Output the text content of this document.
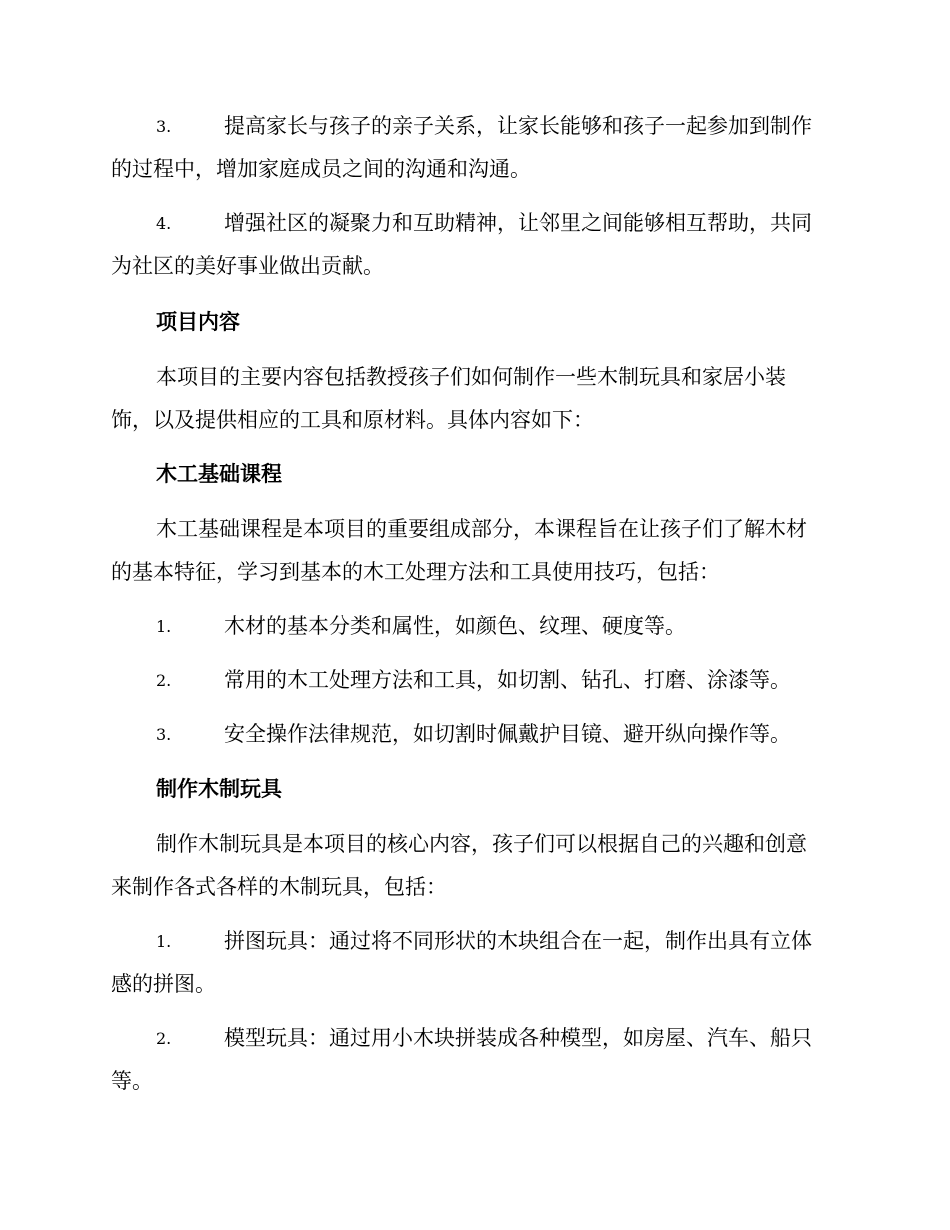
3.	提高家长与孩子的亲子关系，让家长能够和孩子一起参加到制作
的过程中，增加家庭成员之间的沟通和沟通。
4.	增强社区的凝聚力和互助精神，让邻里之间能够相互帮助，共同
为社区的美好事业做出贡献。
项目内容
本项目的主要内容包括教授孩子们如何制作一些木制玩具和家居小装
饰，以及提供相应的工具和原材料。具体内容如下：
木工基础课程
木工基础课程是本项目的重要组成部分，本课程旨在让孩子们了解木材
的基本特征，学习到基本的木工处理方法和工具使用技巧，包括：
1.	木材的基本分类和属性，如颜色、纹理、硬度等。
2.	常用的木工处理方法和工具，如切割、钻孔、打磨、涂漆等。
3.	安全操作法律规范，如切割时佩戴护目镜、避开纵向操作等。
制作木制玩具
制作木制玩具是本项目的核心内容，孩子们可以根据自己的兴趣和创意
来制作各式各样的木制玩具，包括：
1.	拼图玩具：通过将不同形状的木块组合在一起，制作出具有立体
感的拼图。
2.	模型玩具：通过用小木块拼装成各种模型，如房屋、汽车、船只
等。
